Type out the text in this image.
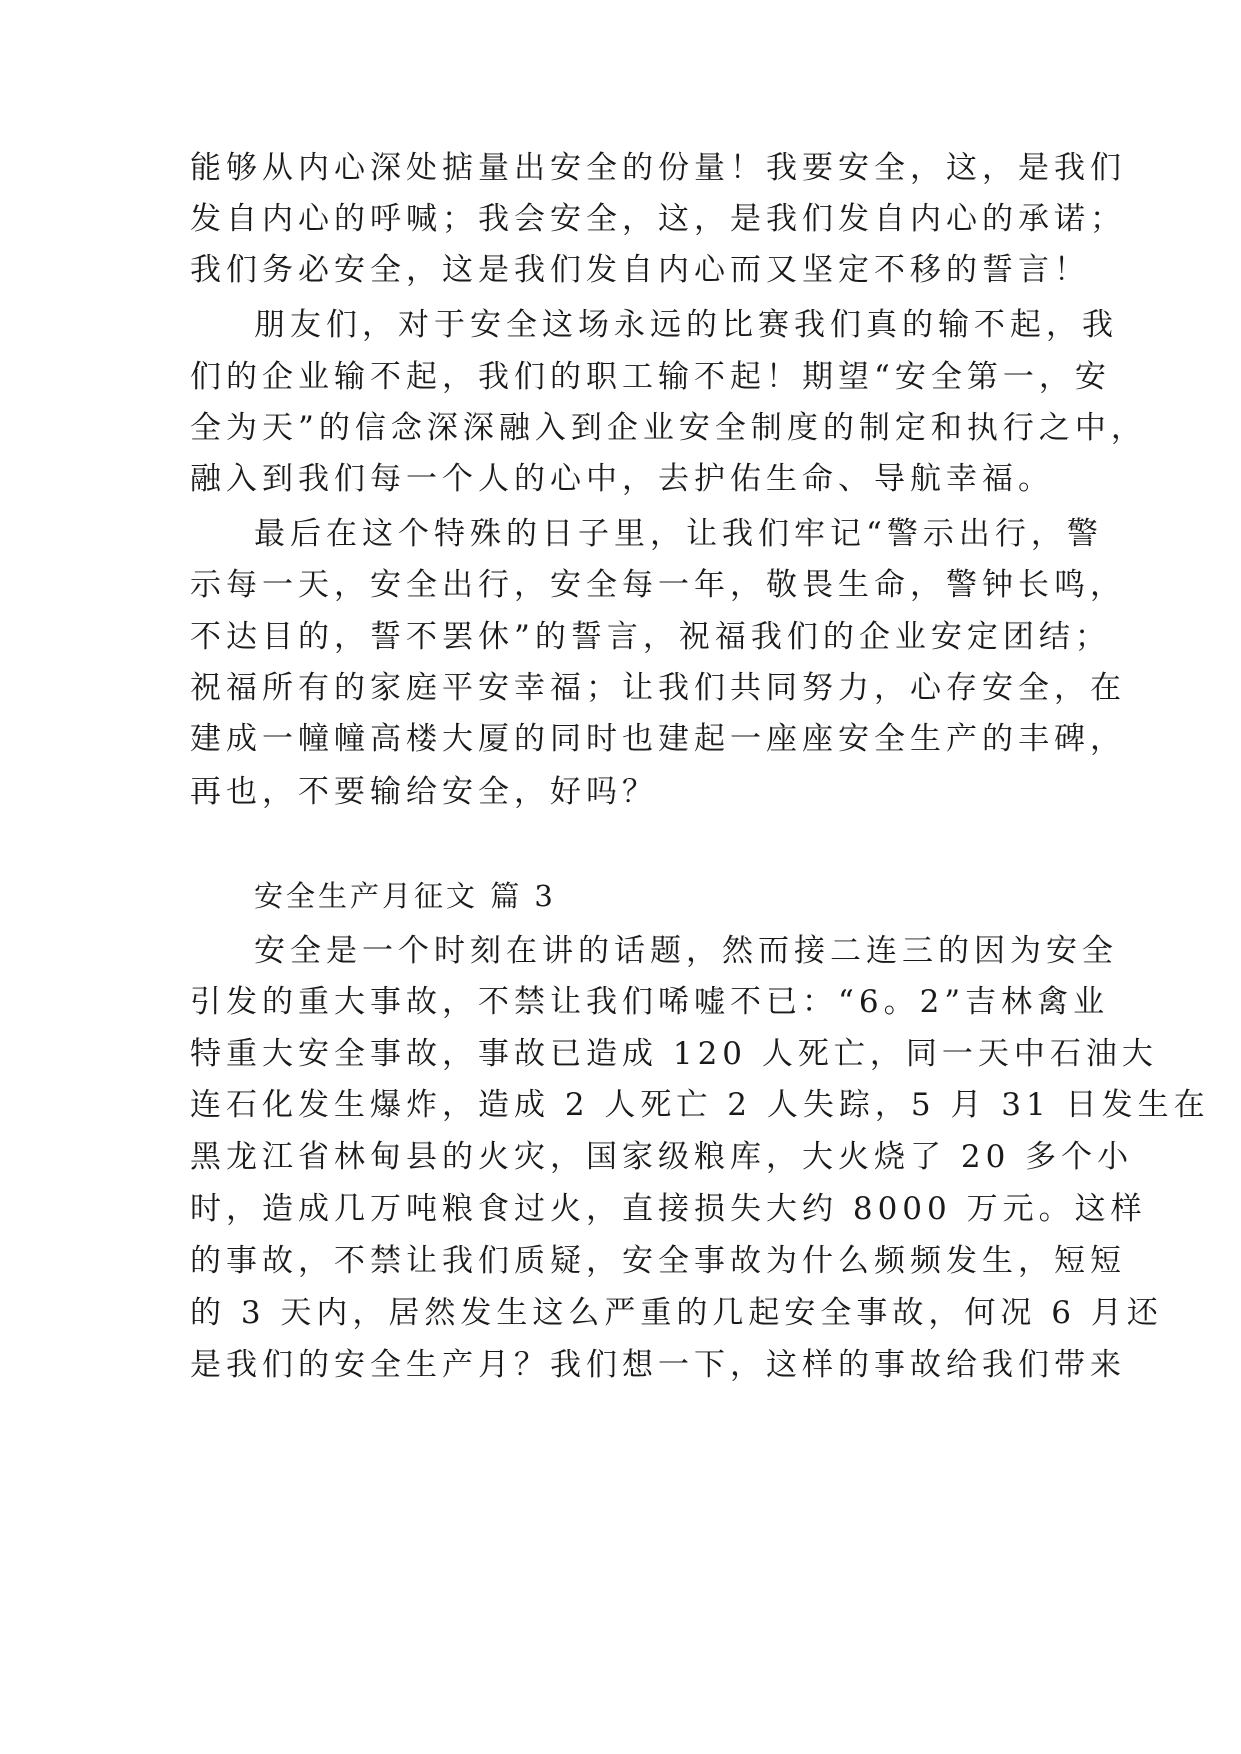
能够从内心深处掂量出安全的份量！我要安全，这，是我们

发自内心的呼喊；我会安全，这，是我们发自内心的承诺；

我们务必安全，这是我们发自内心而又坚定不移的誓言！

朋友们，对于安全这场永远的比赛我们真的输不起，我

们的企业输不起，我们的职工输不起！期望“安全第一，安

全为天”的信念深深融入到企业安全制度的制定和执行之中，

融入到我们每一个人的心中，去护佑生命、导航幸福。

最后在这个特殊的日子里，让我们牢记“警示出行，警

示每一天，安全出行，安全每一年，敬畏生命，警钟长鸣，

不达目的，誓不罢休”的誓言，祝福我们的企业安定团结；

祝福所有的家庭平安幸福；让我们共同努力，心存安全，在

建成一幢幢高楼大厦的同时也建起一座座安全生产的丰碑，

再也，不要输给安全，好吗？

安全生产月征文 篇 3

安全是一个时刻在讲的话题，然而接二连三的因为安全

引发的重大事故，不禁让我们唏嘘不已：“6。2”吉林禽业

特重大安全事故，事故已造成 120 人死亡，同一天中石油大

连石化发生爆炸，造成 2 人死亡 2 人失踪，5 月 31 日发生在

黑龙江省林甸县的火灾，国家级粮库，大火烧了 20 多个小

时，造成几万吨粮食过火，直接损失大约 8000 万元。这样

的事故，不禁让我们质疑，安全事故为什么频频发生，短短

的 3 天内，居然发生这么严重的几起安全事故，何况 6 月还

是我们的安全生产月？我们想一下，这样的事故给我们带来
